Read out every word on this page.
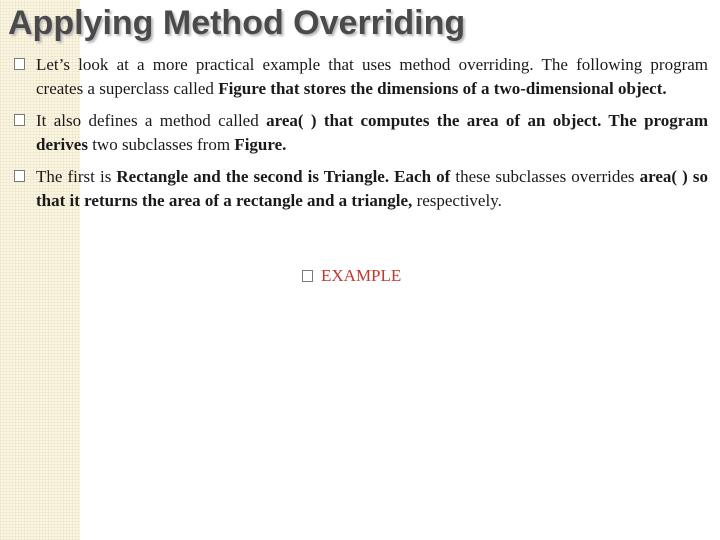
Applying Method Overriding
Let’s look at a more practical example that uses method overriding. The following program creates a superclass called Figure that stores the dimensions of a two-dimensional object.
It also defines a method called area( ) that computes the area of an object. The program derives two subclasses from Figure.
The first is Rectangle and the second is Triangle. Each of these subclasses overrides area( ) so that it returns the area of a rectangle and a triangle, respectively.
EXAMPLE
